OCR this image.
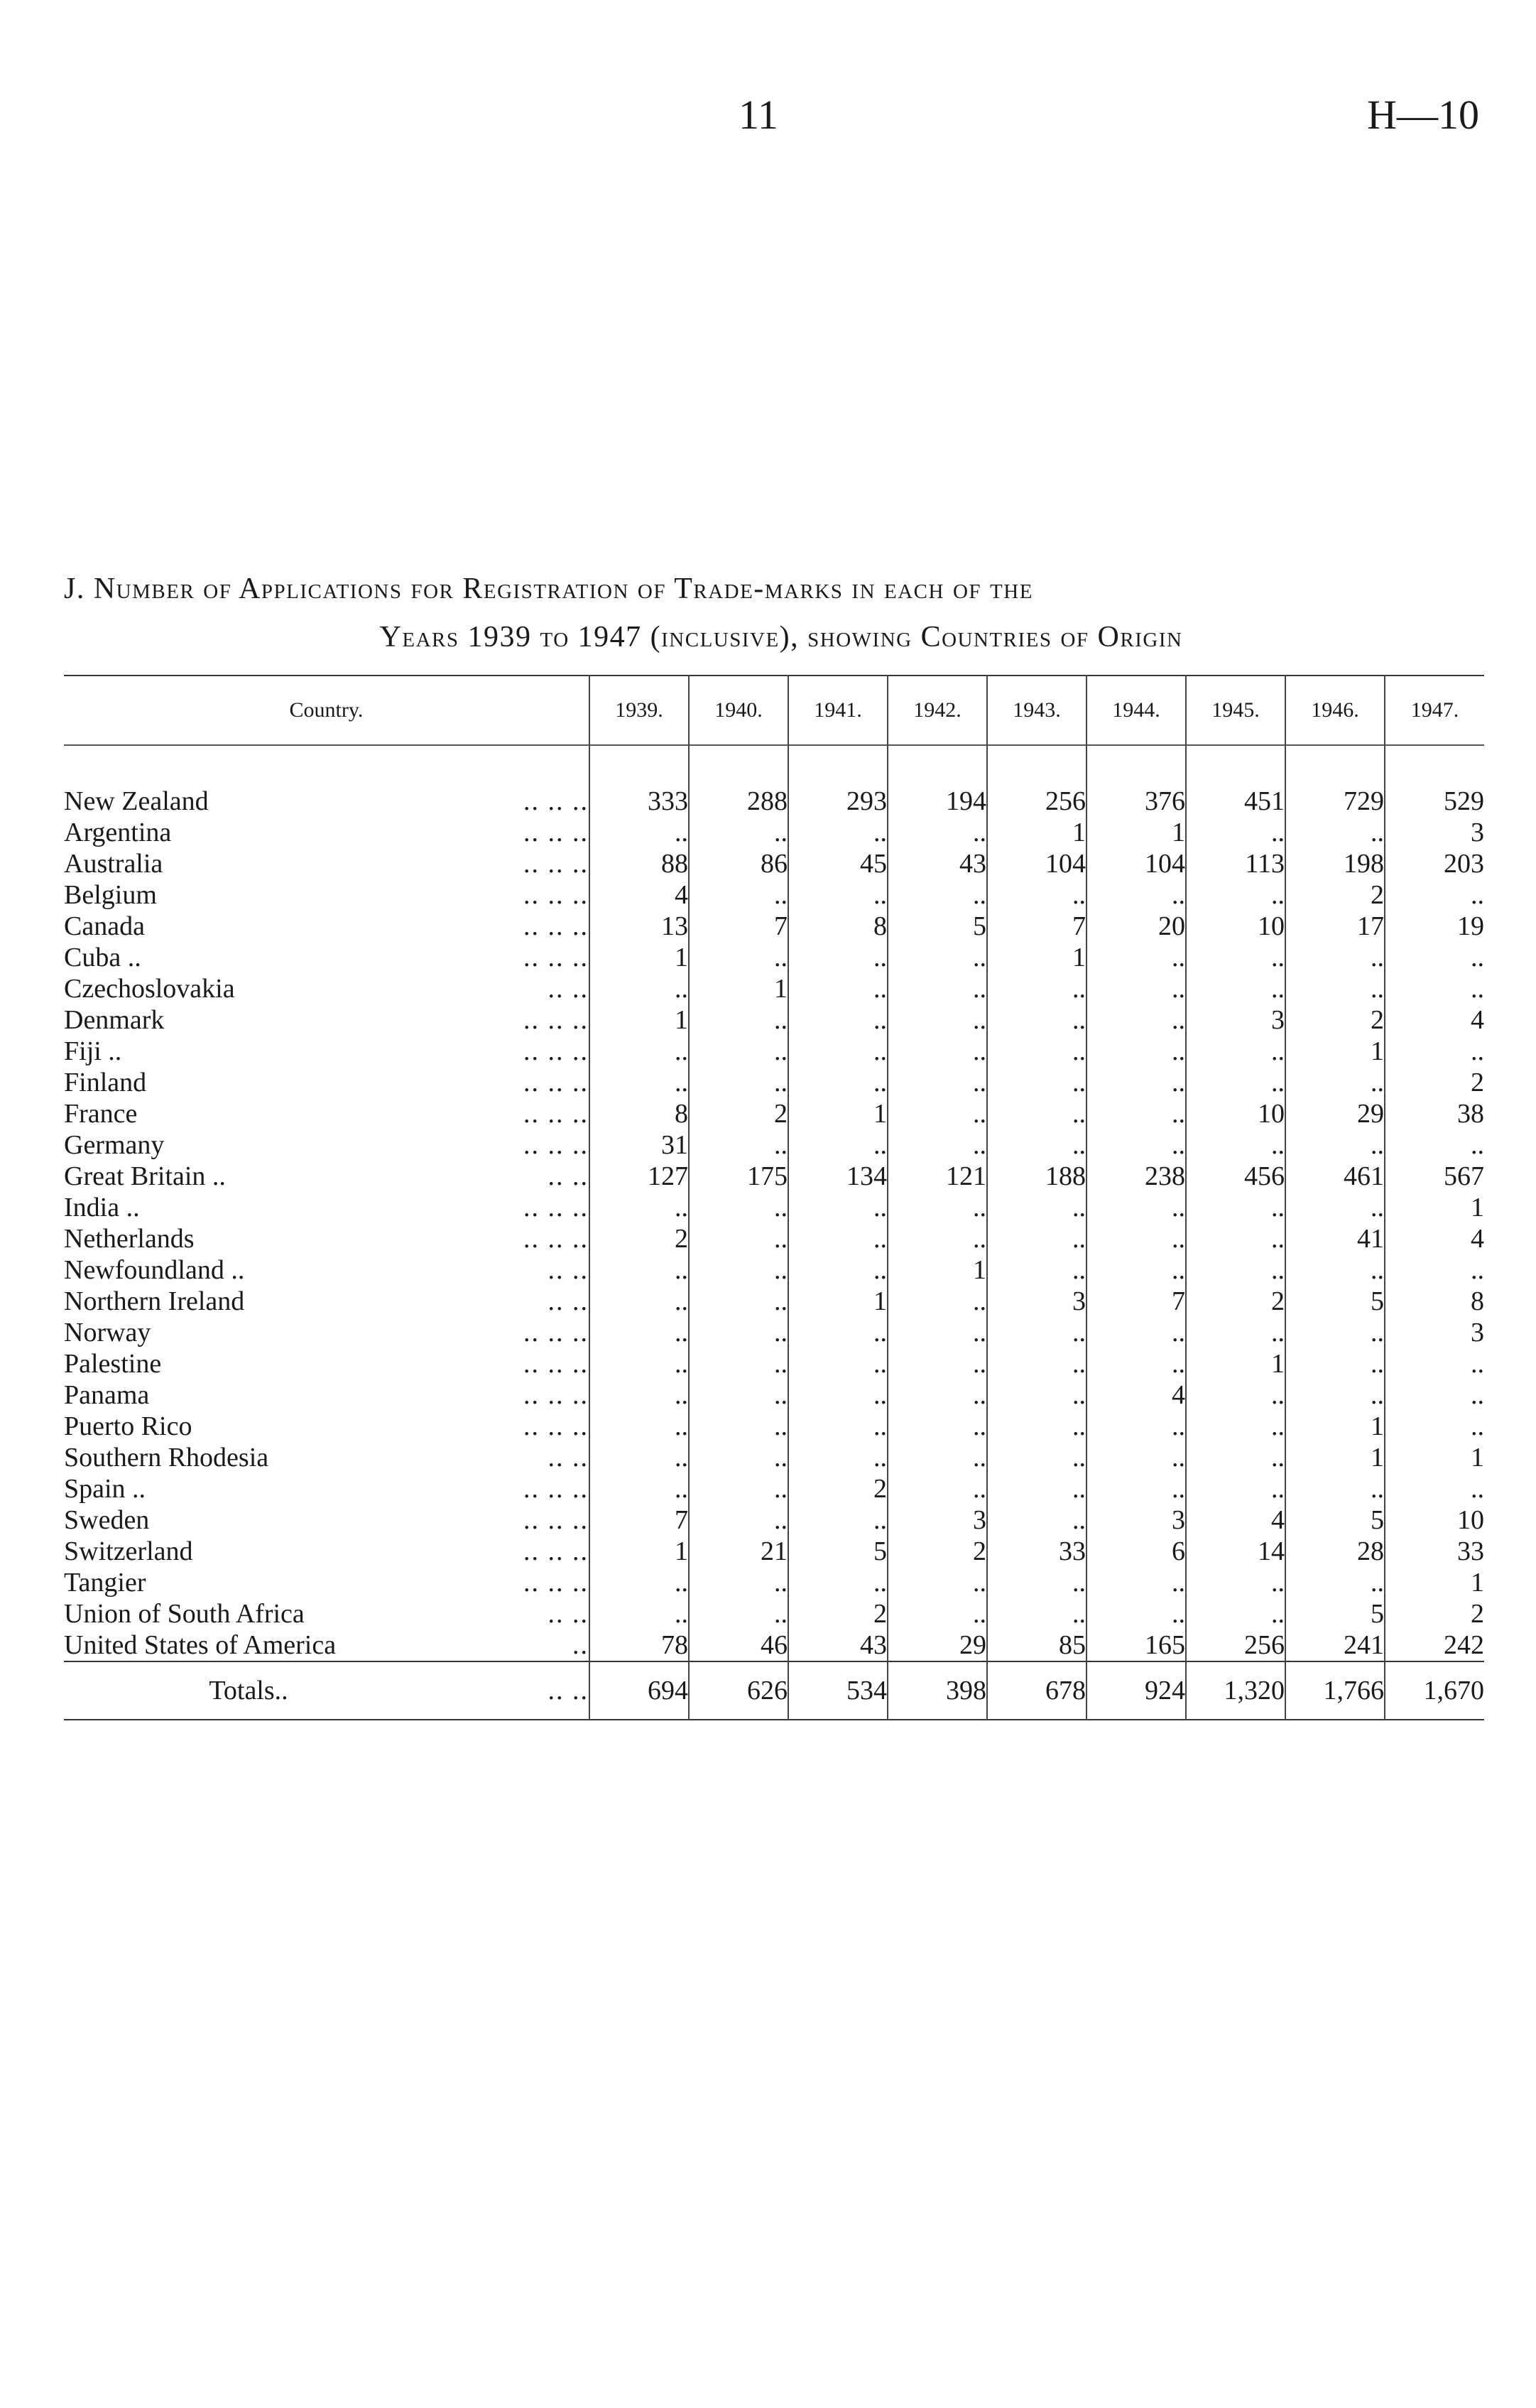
11	H—10
J. Number of Applications for Registration of Trade-marks in each of the
Years 1939 to 1947 (inclusive), showing Countries of Origin
Country.		1939.	1940.	1941.	1942.	1943.	1944.	1945.	1946.	1947.

New Zealand	.. .. ..	333	288	293	194	256	376	451	729	529
Argentina	.. .. ..	..	..	..	..	1	1	..	..	3
Australia	.. .. ..	88	86	45	43	104	104	113	198	203
Belgium	.. .. ..	4	..	..	..	..	..	..	2	..
Canada	.. .. ..	13	7	8	5	7	20	10	17	19
Cuba ..	.. .. ..	1	..	..	..	1	..	..	..	..
Czechoslovakia	.. ..	..	1	..	..	..	..	..	..	..
Denmark	.. .. ..	1	..	..	..	..	..	3	2	4
Fiji ..	.. .. ..	..	..	..	..	..	..	..	1	..
Finland	.. .. ..	..	..	..	..	..	..	..	..	2
France	.. .. ..	8	2	1	..	..	..	10	29	38
Germany	.. .. ..	31	..	..	..	..	..	..	..	..
Great Britain ..	.. ..	127	175	134	121	188	238	456	461	567
India ..	.. .. ..	..	..	..	..	..	..	..	..	1
Netherlands	.. .. ..	2	..	..	..	..	..	..	41	4
Newfoundland ..	.. ..	..	..	..	1	..	..	..	..	..
Northern Ireland	.. ..	..	..	1	..	3	7	2	5	8
Norway	.. .. ..	..	..	..	..	..	..	..	..	3
Palestine	.. .. ..	..	..	..	..	..	..	1	..	..
Panama	.. .. ..	..	..	..	..	..	4	..	..	..
Puerto Rico	.. .. ..	..	..	..	..	..	..	..	1	..
Southern Rhodesia	.. ..	..	..	..	..	..	..	..	1	1
Spain ..	.. .. ..	..	..	2	..	..	..	..	..	..
Sweden	.. .. ..	7	..	..	3	..	3	4	5	10
Switzerland	.. .. ..	1	21	5	2	33	6	14	28	33
Tangier	.. .. ..	..	..	..	..	..	..	..	..	1
Union of South Africa	.. ..	..	..	2	..	..	..	..	5	2
United States of America	..	78	46	43	29	85	165	256	241	242
Totals..	.. ..	694	626	534	398	678	924	1,320	1,766	1,670
